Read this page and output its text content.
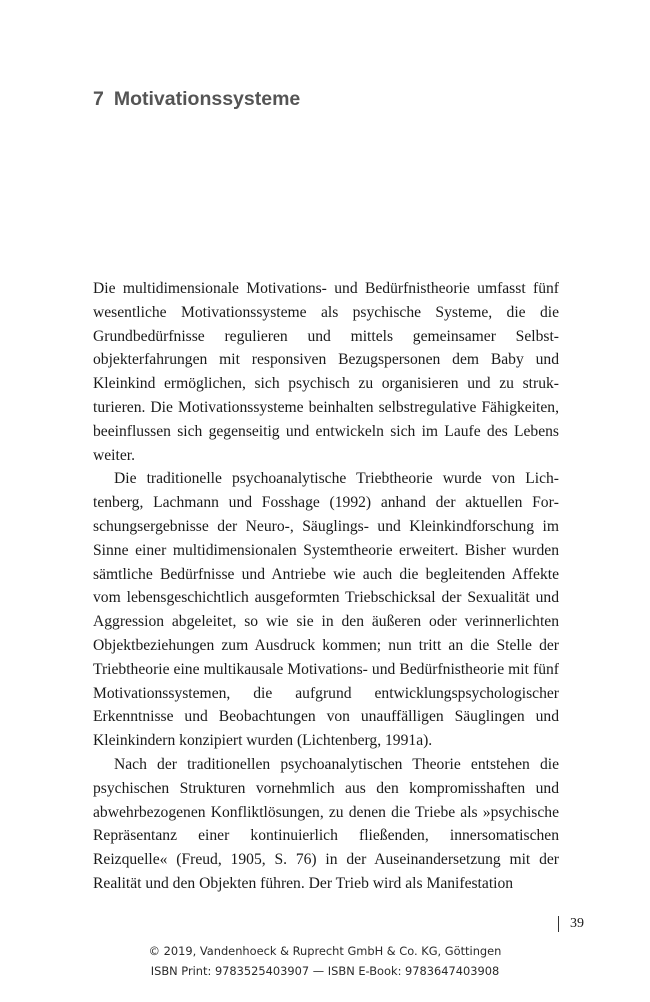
7 Motivationssysteme

Die multidimensionale Motivations- und Bedürfnistheorie umfasst fünf wesentliche Motivationssysteme als psychische Systeme, die die Grundbedürfnisse regulieren und mittels gemeinsamer Selbstobjekterfahrungen mit responsiven Bezugspersonen dem Baby und Kleinkind ermöglichen, sich psychisch zu organisieren und zu strukturieren. Die Motivationssysteme beinhalten selbstregulative Fähigkeiten, beeinflussen sich gegenseitig und entwickeln sich im Laufe des Lebens weiter.

Die traditionelle psychoanalytische Triebtheorie wurde von Lichtenberg, Lachmann und Fosshage (1992) anhand der aktuellen Forschungsergebnisse der Neuro-, Säuglings- und Kleinkindforschung im Sinne einer multidimensionalen Systemtheorie erweitert. Bisher wurden sämtliche Bedürfnisse und Antriebe wie auch die begleitenden Affekte vom lebensgeschichtlich ausgeformten Triebschicksal der Sexualität und Aggression abgeleitet, so wie sie in den äußeren oder verinnerlichten Objektbeziehungen zum Ausdruck kommen; nun tritt an die Stelle der Triebtheorie eine multikausale Motivations- und Bedürfnistheorie mit fünf Motivationssystemen, die aufgrund entwicklungspsychologischer Erkenntnisse und Beobachtungen von unauffälligen Säuglingen und Kleinkindern konzipiert wurden (Lichtenberg, 1991a).

Nach der traditionellen psychoanalytischen Theorie entstehen die psychischen Strukturen vornehmlich aus den kompromisshaften und abwehrbezogenen Konfliktlösungen, zu denen die Triebe als »psychische Repräsentanz einer kontinuierlich fließenden, innersomatischen Reizquelle« (Freud, 1905, S. 76) in der Auseinandersetzung mit der Realität und den Objekten führen. Der Trieb wird als Manifestation

39
© 2019, Vandenhoeck & Ruprecht GmbH & Co. KG, Göttingen
ISBN Print: 9783525403907 — ISBN E-Book: 9783647403908
